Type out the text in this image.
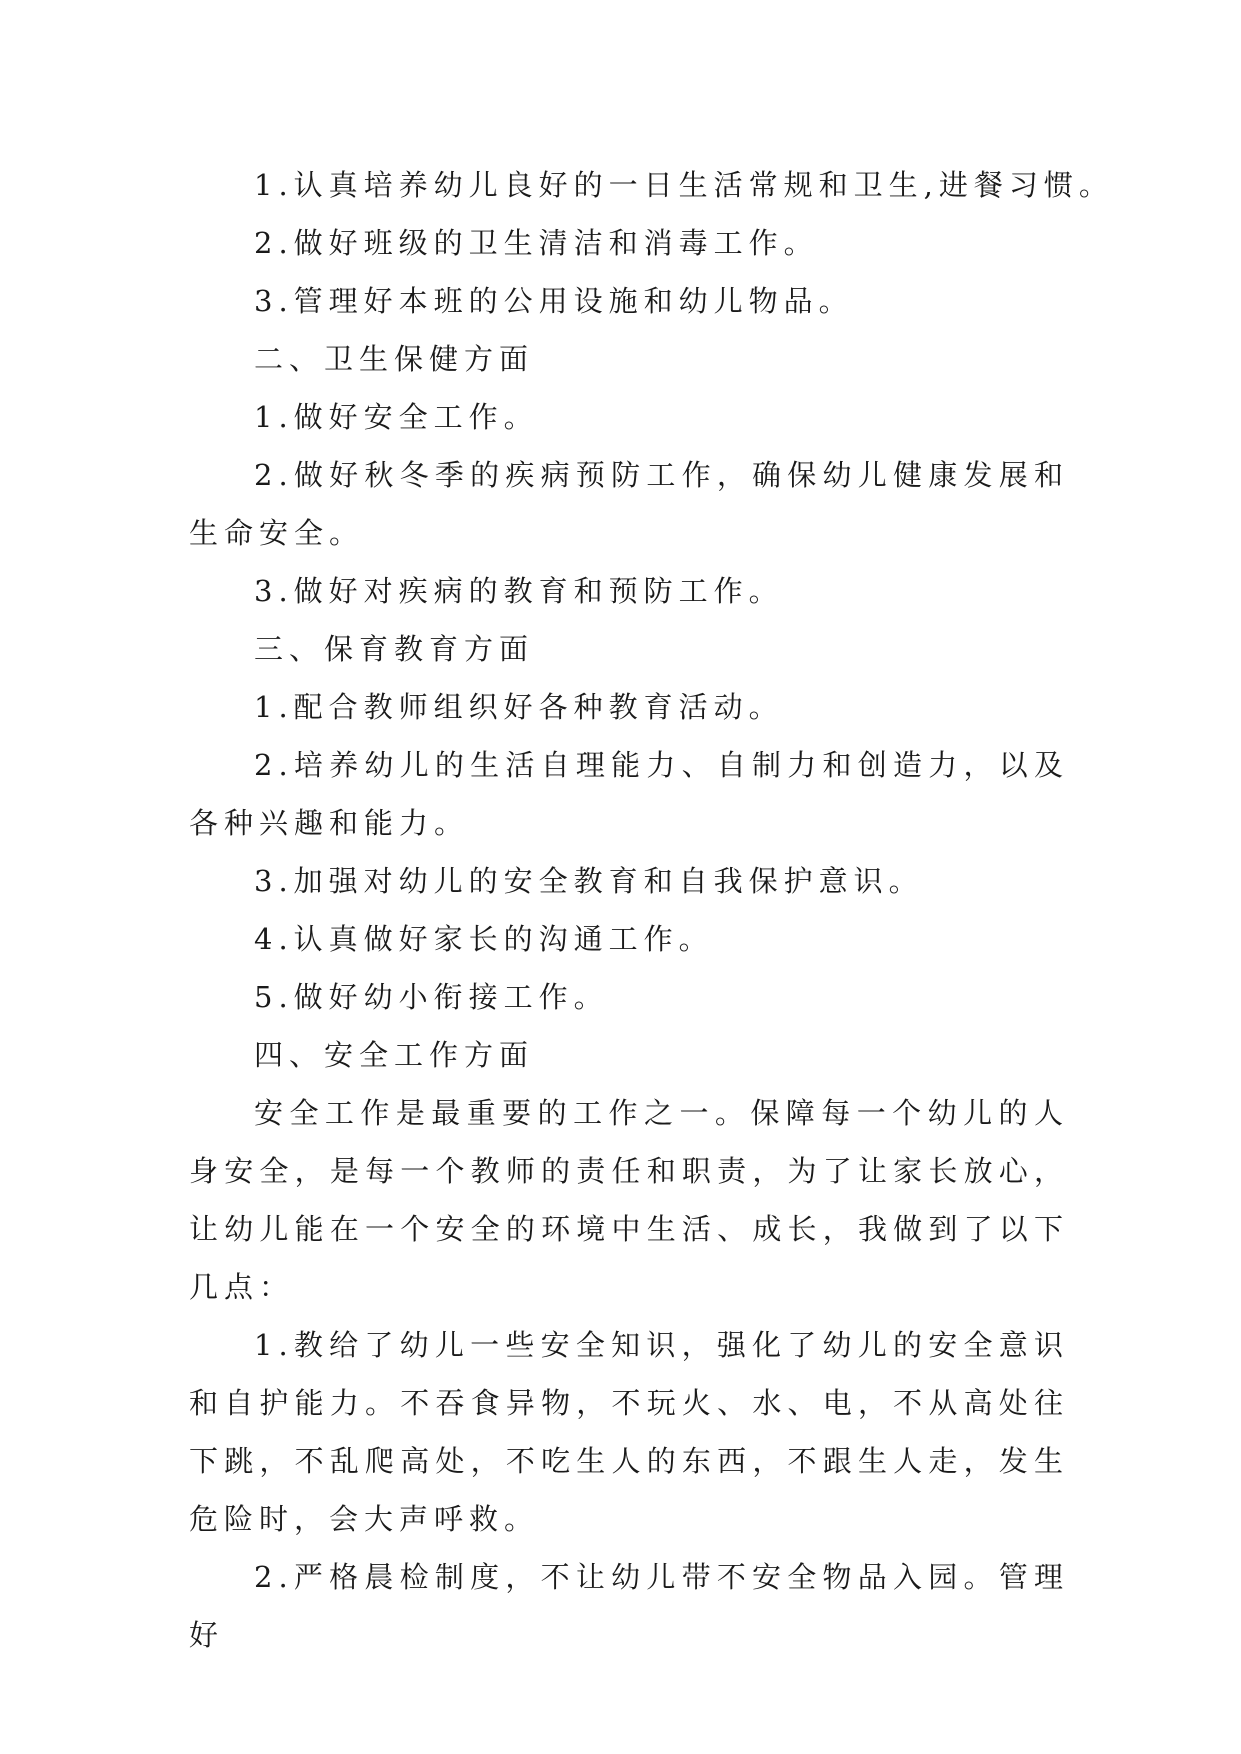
1.认真培养幼儿良好的一日生活常规和卫生,进餐习惯。

2.做好班级的卫生清洁和消毒工作。

3.管理好本班的公用设施和幼儿物品。

二、卫生保健方面

1.做好安全工作。

2.做好秋冬季的疾病预防工作，确保幼儿健康发展和生命安全。

3.做好对疾病的教育和预防工作。

三、保育教育方面

1.配合教师组织好各种教育活动。

2.培养幼儿的生活自理能力、自制力和创造力，以及各种兴趣和能力。

3.加强对幼儿的安全教育和自我保护意识。

4.认真做好家长的沟通工作。

5.做好幼小衔接工作。

四、安全工作方面

安全工作是最重要的工作之一。保障每一个幼儿的人身安全，是每一个教师的责任和职责，为了让家长放心，让幼儿能在一个安全的环境中生活、成长，我做到了以下几点：

1.教给了幼儿一些安全知识，强化了幼儿的安全意识和自护能力。不吞食异物，不玩火、水、电，不从高处往下跳，不乱爬高处，不吃生人的东西，不跟生人走，发生危险时，会大声呼救。

2.严格晨检制度，不让幼儿带不安全物品入园。管理好
